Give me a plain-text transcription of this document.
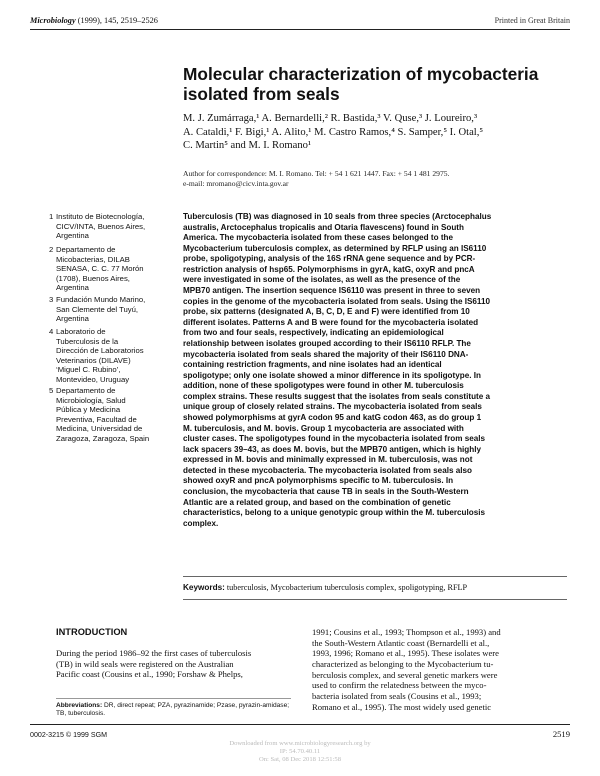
Microbiology (1999), 145, 2519–2526	Printed in Great Britain
Molecular characterization of mycobacteria
isolated from seals
M. J. Zumárraga,¹ A. Bernardelli,² R. Bastida,³ V. Quse,³ J. Loureiro,³
A. Cataldi,¹ F. Bigi,¹ A. Alito,¹ M. Castro Ramos,⁴ S. Samper,⁵ I. Otal,⁵
C. Martin⁵ and M. I. Romano¹
Author for correspondence: M. I. Romano. Tel: + 54 1 621 1447. Fax: + 54 1 481 2975.
e-mail: mromano@cicv.inta.gov.ar
1 Instituto de Biotecnología,
CICV/INTA, Buenos Aires,
Argentina
2 Departamento de
Micobacterias, DILAB
SENASA, C. C. 77 Morón
(1708), Buenos Aires,
Argentina
3 Fundación Mundo Marino,
San Clemente del Tuyú,
Argentina
4 Laboratorio de
Tuberculosis de la
Dirección de Laboratorios
Veterinarios (DILAVE)
‘Miguel C. Rubino’,
Montevideo, Uruguay
5 Departamento de
Microbiología, Salud
Pública y Medicina
Preventiva, Facultad de
Medicina, Universidad de
Zaragoza, Zaragoza, Spain
Tuberculosis (TB) was diagnosed in 10 seals from three species (Arctocephalus
australis, Arctocephalus tropicalis and Otaria flavescens) found in South
America. The mycobacteria isolated from these cases belonged to the
Mycobacterium tuberculosis complex, as determined by RFLP using an IS6110
probe, spoligotyping, analysis of the 16S rRNA gene sequence and by PCR-
restriction analysis of hsp65. Polymorphisms in gyrA, katG, oxyR and pncA
were investigated in some of the isolates, as well as the presence of the
MPB70 antigen. The insertion sequence IS6110 was present in three to seven
copies in the genome of the mycobacteria isolated from seals. Using the IS6110
probe, six patterns (designated A, B, C, D, E and F) were identified from 10
different isolates. Patterns A and B were found for the mycobacteria isolated
from two and four seals, respectively, indicating an epidemiological
relationship between isolates grouped according to their IS6110 RFLP. The
mycobacteria isolated from seals shared the majority of their IS6110 DNA-
containing restriction fragments, and nine isolates had an identical
spoligotype; only one isolate showed a minor difference in its spoligotype. In
addition, none of these spoligotypes were found in other M. tuberculosis
complex strains. These results suggest that the isolates from seals constitute a
unique group of closely related strains. The mycobacteria isolated from seals
showed polymorphisms at gyrA codon 95 and katG codon 463, as do group 1
M. tuberculosis, and M. bovis. Group 1 mycobacteria are associated with
cluster cases. The spoligotypes found in the mycobacteria isolated from seals
lack spacers 39–43, as does M. bovis, but the MPB70 antigen, which is highly
expressed in M. bovis and minimally expressed in M. tuberculosis, was not
detected in these mycobacteria. The mycobacteria isolated from seals also
showed oxyR and pncA polymorphisms specific to M. tuberculosis. In
conclusion, the mycobacteria that cause TB in seals in the South-Western
Atlantic are a related group, and based on the combination of genetic
characteristics, belong to a unique genotypic group within the M. tuberculosis
complex.
Keywords: tuberculosis, Mycobacterium tuberculosis complex, spoligotyping, RFLP
INTRODUCTION
During the period 1986–92 the first cases of tuberculosis
(TB) in wild seals were registered on the Australian
Pacific coast (Cousins et al., 1990; Forshaw & Phelps,
1991; Cousins et al., 1993; Thompson et al., 1993) and
the South-Western Atlantic coast (Bernardelli et al.,
1993, 1996; Romano et al., 1995). These isolates were
characterized as belonging to the Mycobacterium tu-
berculosis complex, and several genetic markers were
used to confirm the relatedness between the myco-
bacteria isolated from seals (Cousins et al., 1993;
Romano et al., 1995). The most widely used genetic
Abbreviations: DR, direct repeat; PZA, pyrazinamide; Pzase, pyrazin-amidase; TB, tuberculosis.
0002-3215 © 1999 SGM	2519
Downloaded from www.microbiologyresearch.org by
IP: 54.70.40.11
On: Sat, 08 Dec 2018 12:51:58
